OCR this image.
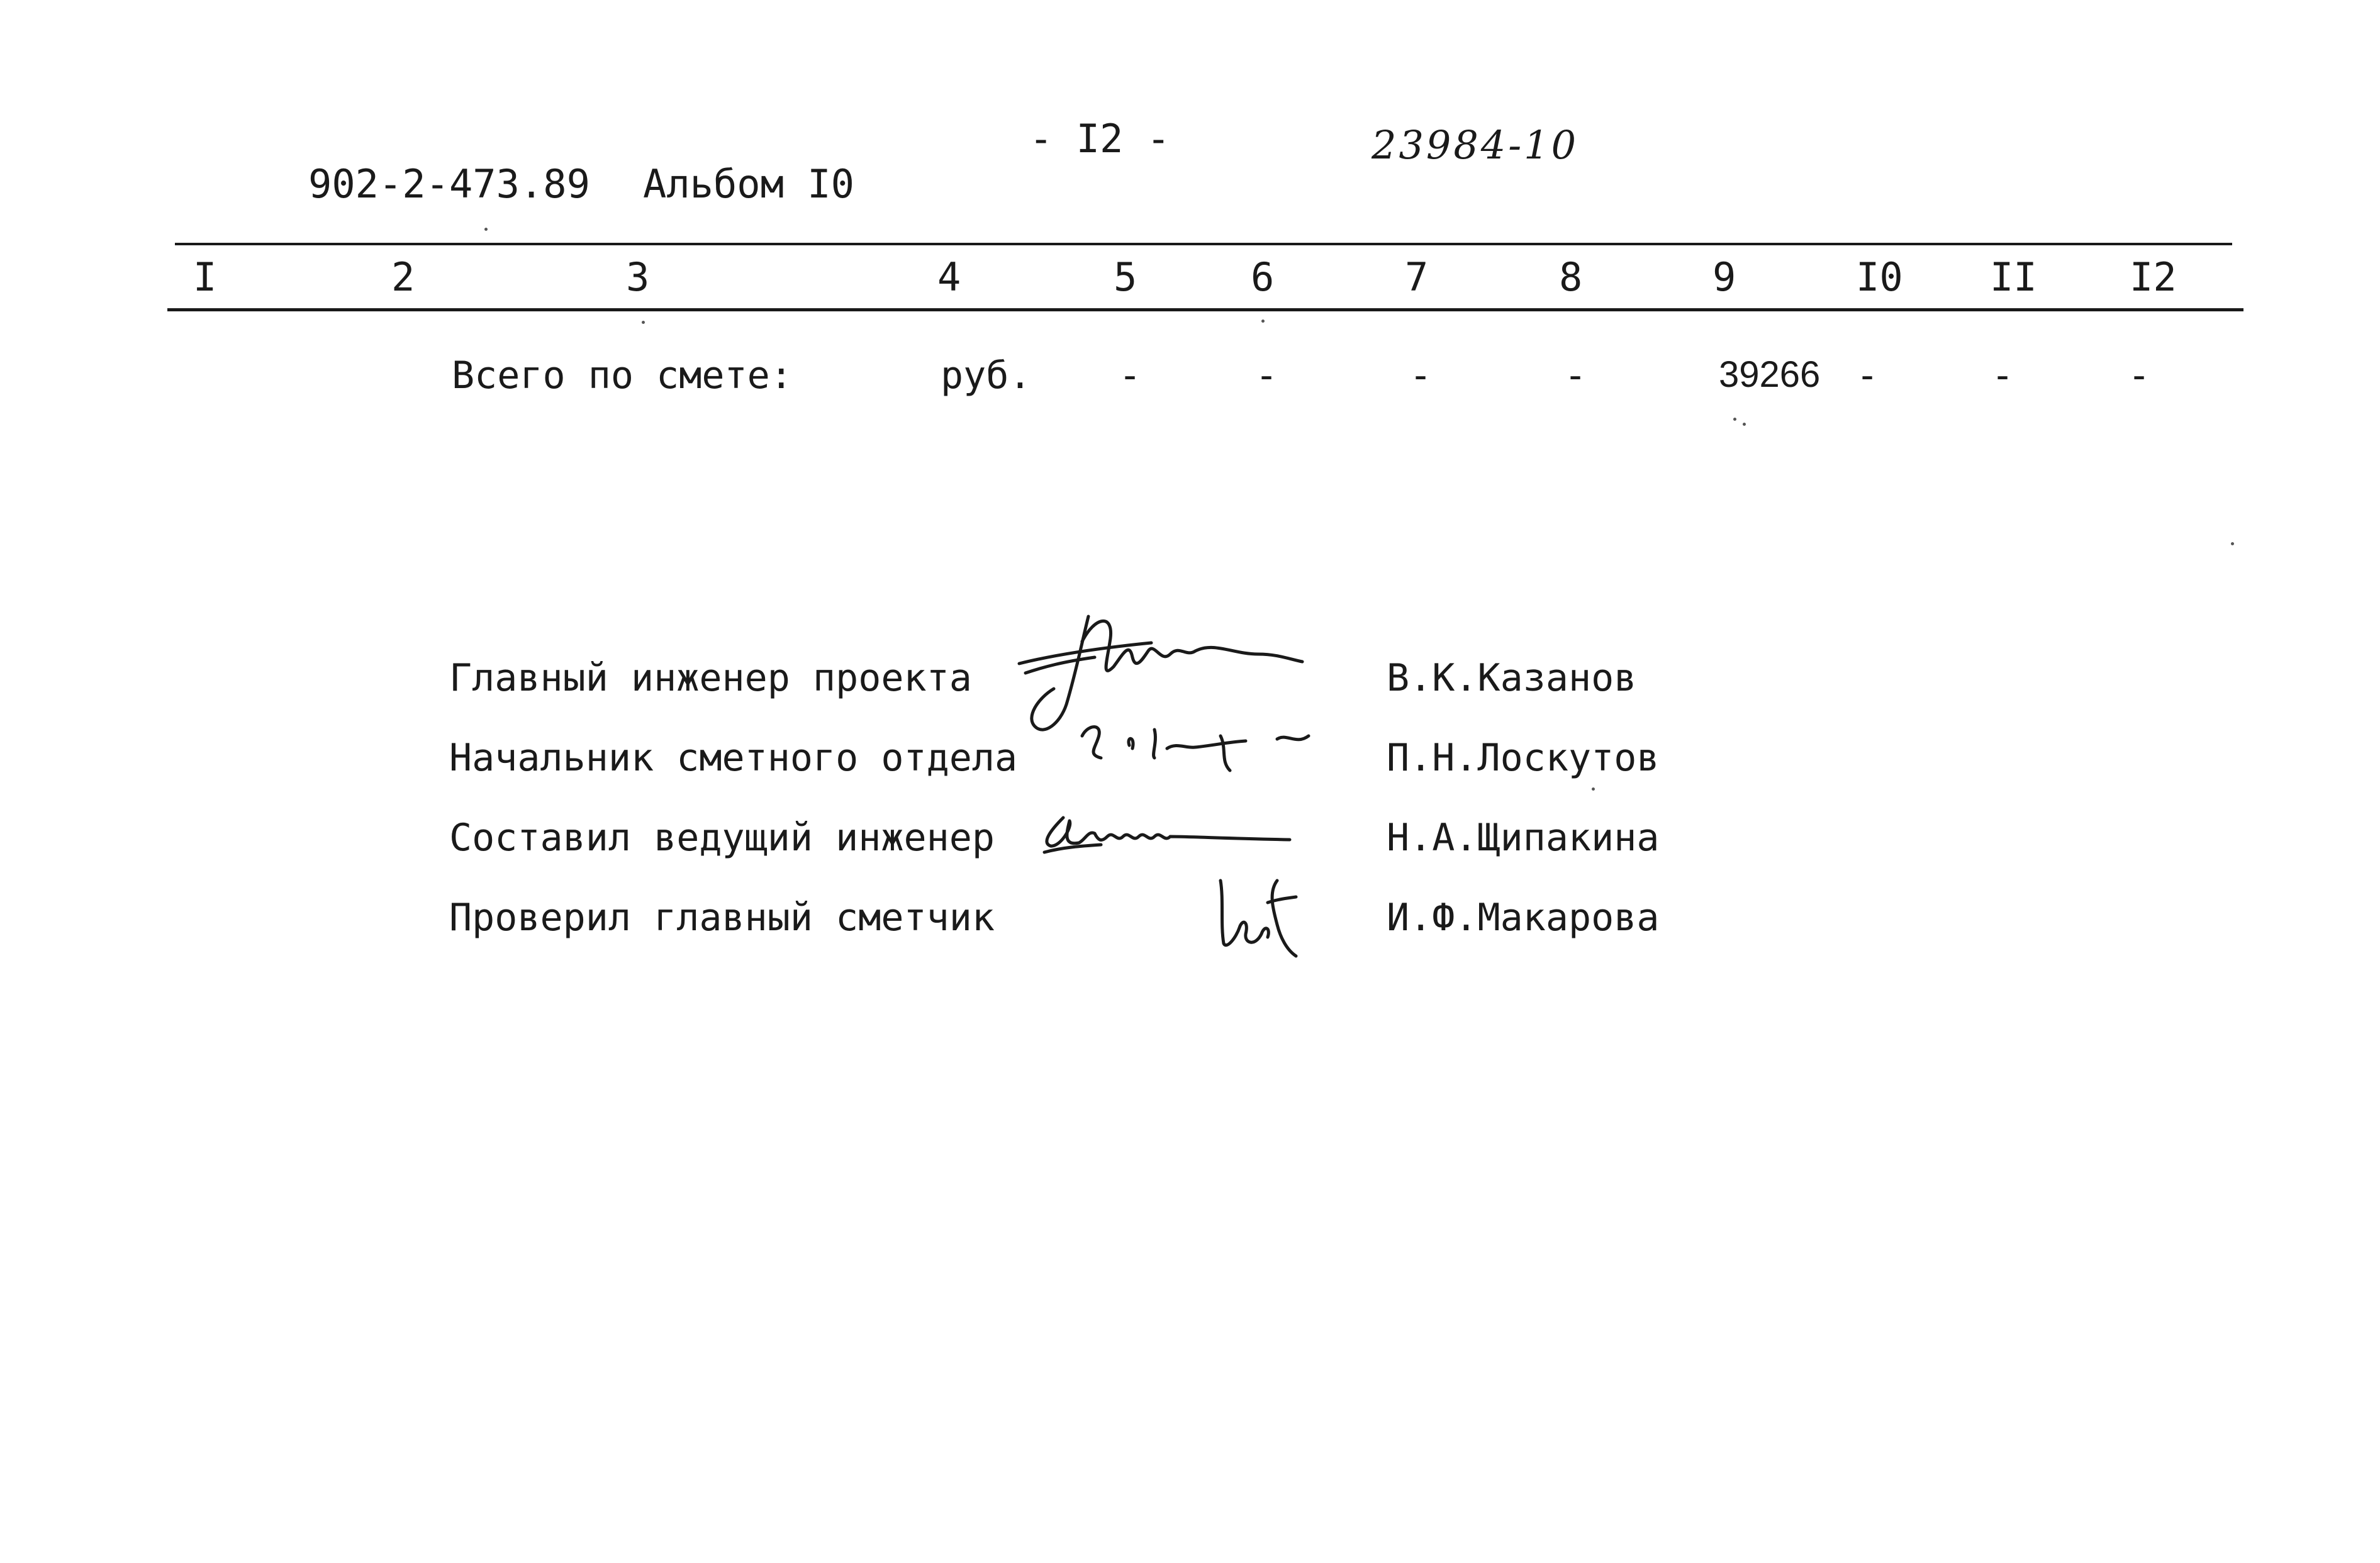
902-2-473.89 Альбом I0
- I2 -	23984-10
I	2	3	4	5	6	7	8	9	I0 II I2
Всего по смете:	руб. -	-	-	-	39266 -	-	-
Главный инженер проекта	В.К.Казанов
Начальник сметного отдела	П.Н.Лоскутов
Составил ведущий инженер	Н.А.Щипакина
Проверил главный сметчик	И.Ф.Макарова
